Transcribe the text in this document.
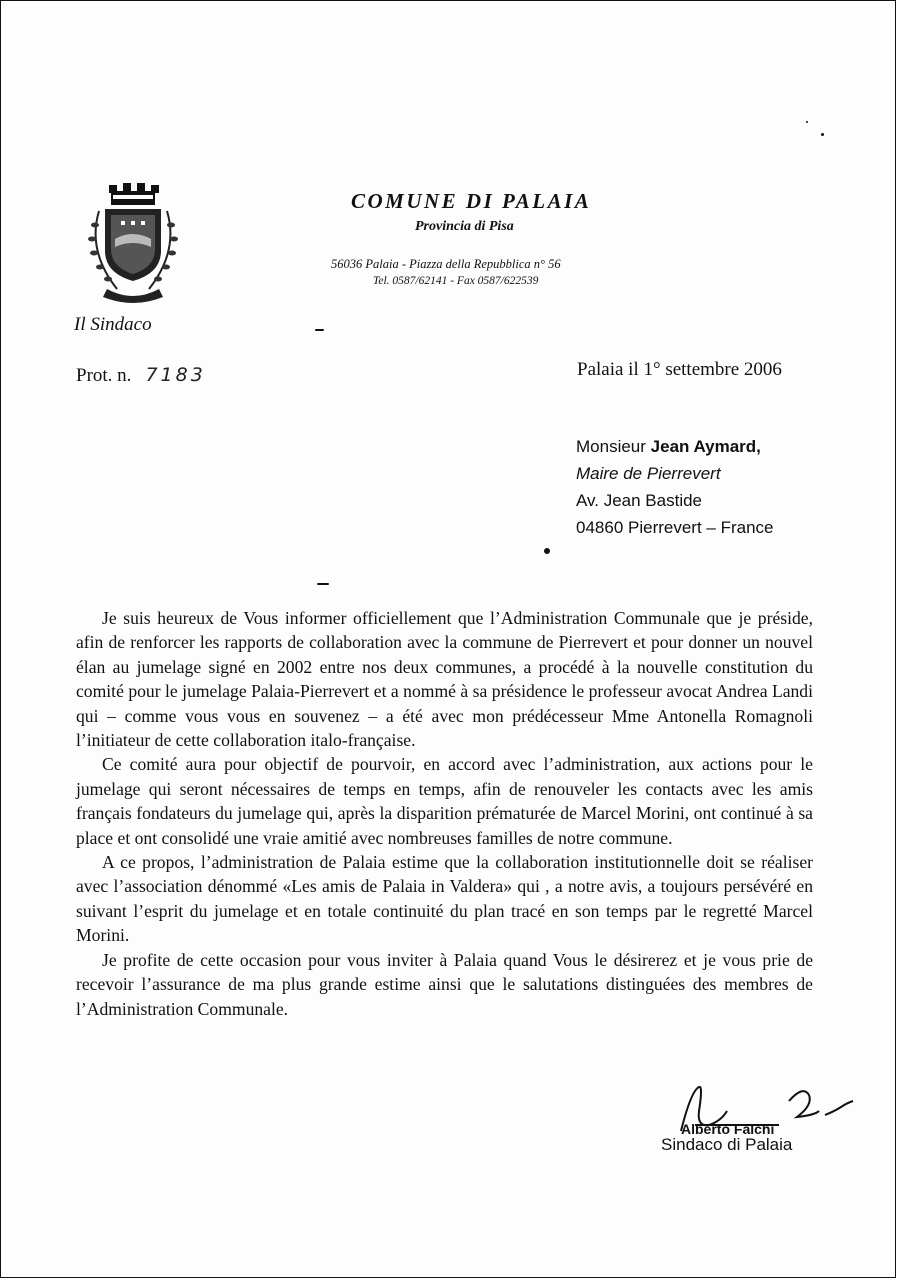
Il Sindaco
COMUNE DI PALAIA
Provincia di Pisa
56036 Palaia - Piazza della Repubblica n° 56
Tel. 0587/62141 - Fax 0587/622539
Prot. n. 7183	Palaia il 1° settembre 2006
Monsieur Jean Aymard,
Maire de Pierrevert
Av. Jean Bastide
04860 Pierrevert – France

Je suis heureux de Vous informer officiellement que l’Administration Communale que je préside, afin de renforcer les rapports de collaboration avec la commune de Pierrevert et pour donner un nouvel élan au jumelage signé en 2002 entre nos deux communes, a procédé à la nouvelle constitution du comité pour le jumelage Palaia-Pierrevert et a nommé à sa présidence le professeur avocat Andrea Landi qui – comme vous vous en souvenez – a été avec mon prédécesseur Mme Antonella Romagnoli l’initiateur de cette collaboration italo-française.

Ce comité aura pour objectif de pourvoir, en accord avec l’administration, aux actions pour le jumelage qui seront nécessaires de temps en temps, afin de renouveler les contacts avec les amis français fondateurs du jumelage qui, après la disparition prématurée de Marcel Morini, ont continué à sa place et ont consolidé une vraie amitié avec nombreuses familles de notre commune.

A ce propos, l’administration de Palaia estime que la collaboration institutionnelle doit se réaliser avec l’association dénommé «Les amis de Palaia in Valdera» qui , a notre avis, a toujours persévéré en suivant l’esprit du jumelage et en totale continuité du plan tracé en son temps par le regretté Marcel Morini.

Je profite de cette occasion pour vous inviter à Palaia quand Vous le désirerez et je vous prie de recevoir l’assurance de ma plus grande estime ainsi que le salutations distinguées des membres de l’Administration Communale.

Alberto Falchi
Sindaco di Palaia
